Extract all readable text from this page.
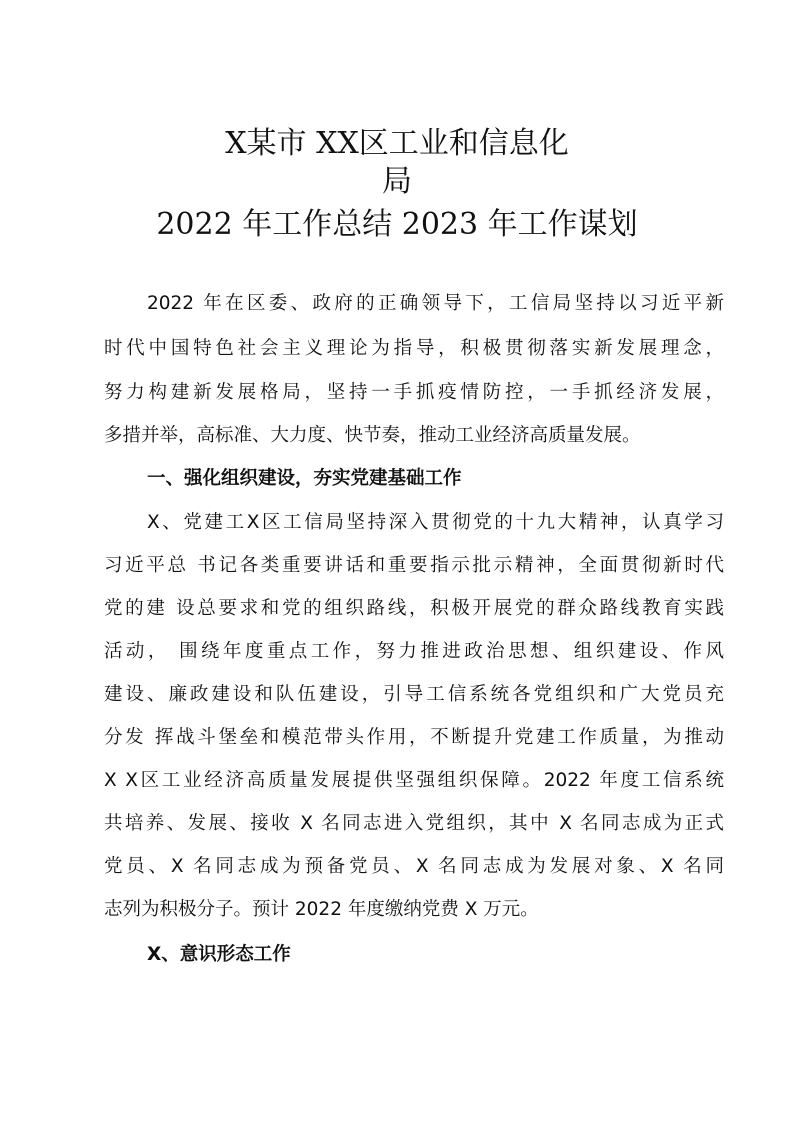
X某市 XX区工业和信息化
局
2022 年工作总结 2023 年工作谋划
2022 年在区委、政府的正确领导下，工信局坚持以习近平新
时代中国特色社会主义理论为指导，积极贯彻落实新发展理念，
努力构建新发展格局，坚持一手抓疫情防控，一手抓经济发展，
多措并举，高标准、大力度、快节奏，推动工业经济高质量发展。
一、强化组织建设，夯实党建基础工作
X、党建工X区工信局坚持深入贯彻党的十九大精神，认真学习
习近平总 书记各类重要讲话和重要指示批示精神，全面贯彻新时代
党的建 设总要求和党的组织路线，积极开展党的群众路线教育实践
活动， 围绕年度重点工作，努力推进政治思想、组织建设、作风
建设、廉政建设和队伍建设，引导工信系统各党组织和广大党员充
分发 挥战斗堡垒和模范带头作用，不断提升党建工作质量，为推动
X X区工业经济高质量发展提供坚强组织保障。2022 年度工信系统
共培养、发展、接收 X 名同志进入党组织，其中 X 名同志成为正式
党员、X 名同志成为预备党员、X 名同志成为发展对象、X 名同
志列为积极分子。预计 2022 年度缴纳党费 X 万元。
X、意识形态工作
